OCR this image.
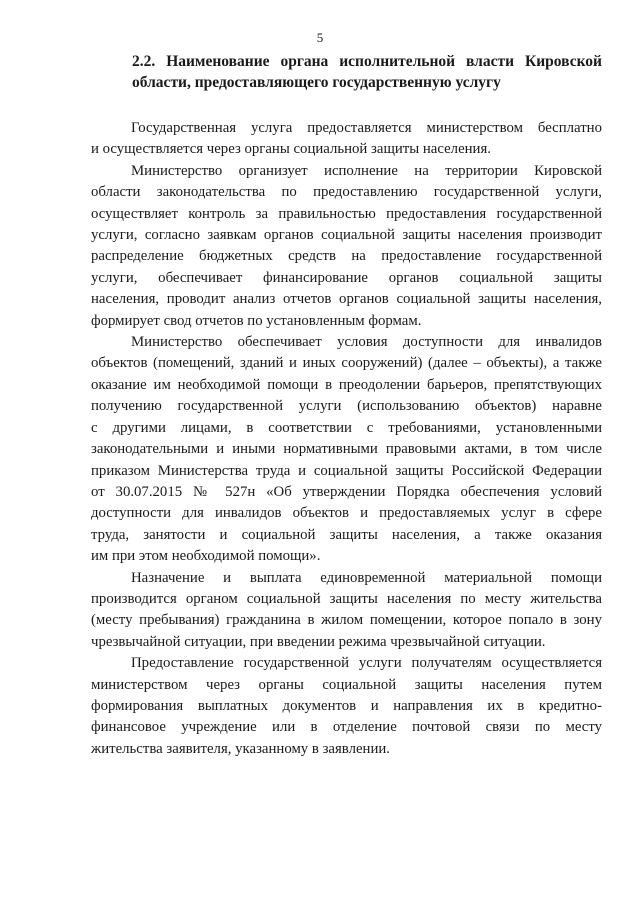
5
2.2. Наименование органа исполнительной власти Кировской
области, предоставляющего государственную услугу
Государственная услуга предоставляется министерством бесплатно
и осуществляется через органы социальной защиты населения.
Министерство организует исполнение на территории Кировской
области законодательства по предоставлению государственной услуги,
осуществляет контроль за правильностью предоставления государственной
услуги, согласно заявкам органов социальной защиты населения производит
распределение бюджетных средств на предоставление государственной
услуги, обеспечивает финансирование органов социальной защиты
населения, проводит анализ отчетов органов социальной защиты населения,
формирует свод отчетов по установленным формам.
Министерство обеспечивает условия доступности для инвалидов
объектов (помещений, зданий и иных сооружений) (далее – объекты), а также
оказание им необходимой помощи в преодолении барьеров, препятствующих
получению государственной услуги (использованию объектов) наравне
с другими лицами, в соответствии с требованиями, установленными
законодательными и иными нормативными правовыми актами, в том числе
приказом Министерства труда и социальной защиты Российской Федерации
от 30.07.2015 № 527н «Об утверждении Порядка обеспечения условий
доступности для инвалидов объектов и предоставляемых услуг в сфере
труда, занятости и социальной защиты населения, а также оказания
им при этом необходимой помощи».
Назначение и выплата единовременной материальной помощи
производится органом социальной защиты населения по месту жительства
(месту пребывания) гражданина в жилом помещении, которое попало в зону
чрезвычайной ситуации, при введении режима чрезвычайной ситуации.
Предоставление государственной услуги получателям осуществляется
министерством через органы социальной защиты населения путем
формирования выплатных документов и направления их в кредитно-
финансовое учреждение или в отделение почтовой связи по месту
жительства заявителя, указанному в заявлении.
